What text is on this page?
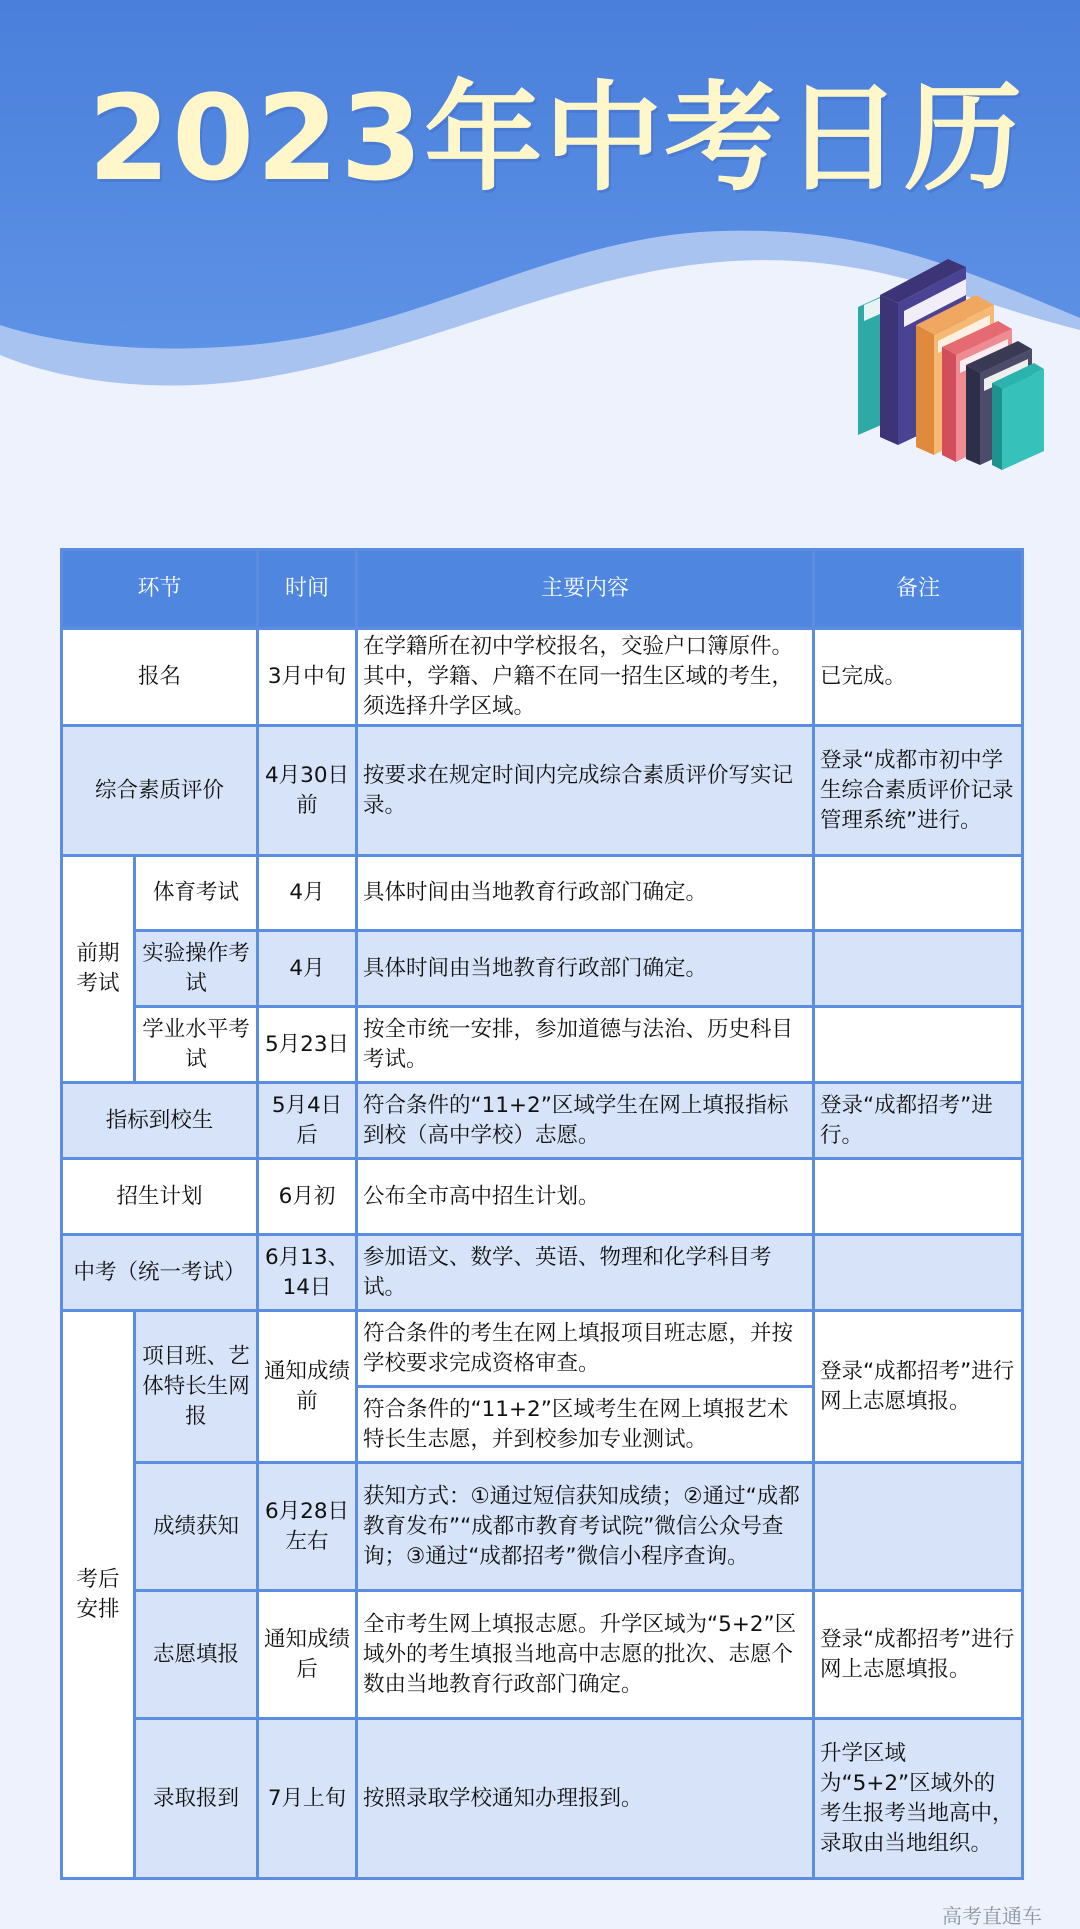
2023年中考日历
环节		时间	主要内容	备注
报名		3月中旬	在学籍所在初中学校报名，交验户口簿原件。其中，学籍、户籍不在同一招生区域的考生，须选择升学区域。	已完成。
综合素质评价		4月30日前	按要求在规定时间内完成综合素质评价写实记录。	登录“成都市初中学生综合素质评价记录管理系统”进行。
前期考试	体育考试	4月	具体时间由当地教育行政部门确定。	
	实验操作考试	4月	具体时间由当地教育行政部门确定。	
	学业水平考试	5月23日	按全市统一安排，参加道德与法治、历史科目考试。	
指标到校生		5月4日后	符合条件的“11+2”区域学生在网上填报指标到校（高中学校）志愿。	登录“成都招考”进行。
招生计划		6月初	公布全市高中招生计划。	
中考（统一考试）		6月13、14日	参加语文、数学、英语、物理和化学科目考试。	
考后安排	项目班、艺体特长生网报	通知成绩前	符合条件的考生在网上填报项目班志愿，并按学校要求完成资格审查。	登录“成都招考”进行网上志愿填报。
			符合条件的“11+2”区域考生在网上填报艺术特长生志愿，并到校参加专业测试。	
	成绩获知	6月28日左右	获知方式：①通过短信获知成绩；②通过“成都教育发布”“成都市教育考试院”微信公众号查询；③通过“成都招考”微信小程序查询。	
	志愿填报	通知成绩后	全市考生网上填报志愿。升学区域为“5+2”区域外的考生填报当地高中志愿的批次、志愿个数由当地教育行政部门确定。	登录“成都招考”进行网上志愿填报。
	录取报到	7月上旬	按照录取学校通知办理报到。	升学区域为“5+2”区域外的考生报考当地高中，录取由当地组织。
高考直通车
